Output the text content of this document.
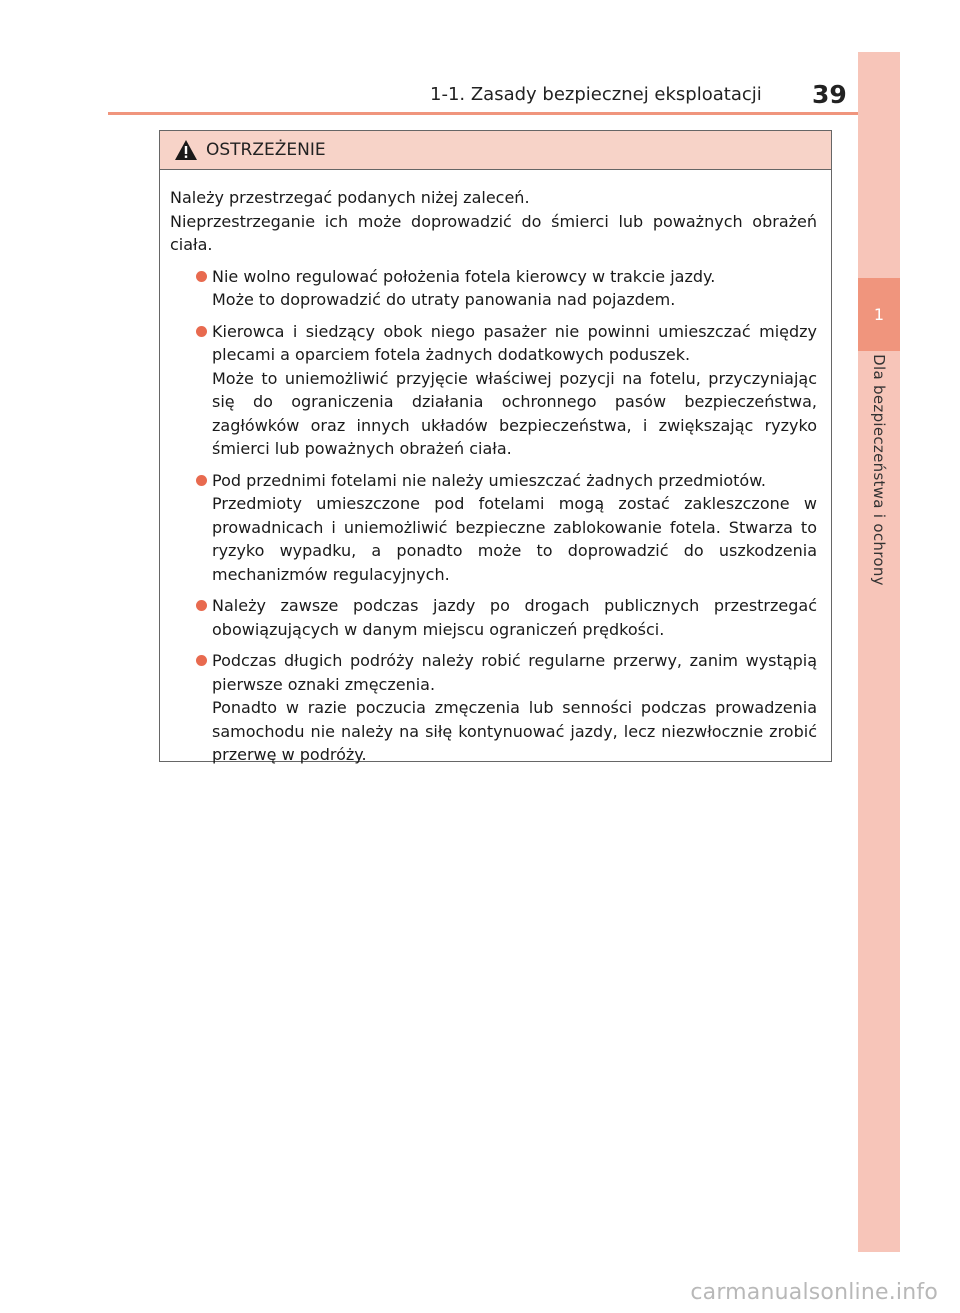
1-1. Zasady bezpiecznej eksploatacji	39
1
Dla bezpieczeństwa i ochrony
OSTRZEŻENIE

Należy przestrzegać podanych niżej zaleceń.
Nieprzestrzeganie ich może doprowadzić do śmierci lub poważnych obrażeń ciała.

Nie wolno regulować położenia fotela kierowcy w trakcie jazdy.

Może to doprowadzić do utraty panowania nad pojazdem.

Kierowca i siedzący obok niego pasażer nie powinni umieszczać między plecami a oparciem fotela żadnych dodatkowych poduszek.

Może to uniemożliwić przyjęcie właściwej pozycji na fotelu, przyczyniając się do ograniczenia działania ochronnego pasów bezpieczeństwa, zagłówków oraz innych układów bezpieczeństwa, i zwiększając ryzyko śmierci lub poważnych obrażeń ciała.

Pod przednimi fotelami nie należy umieszczać żadnych przedmiotów.

Przedmioty umieszczone pod fotelami mogą zostać zakleszczone w prowadnicach i uniemożliwić bezpieczne zablokowanie fotela. Stwarza to ryzyko wypadku, a ponadto może to doprowadzić do uszkodzenia mechanizmów regulacyjnych.

Należy zawsze podczas jazdy po drogach publicznych przestrzegać obowiązujących w danym miejscu ograniczeń prędkości.

Podczas długich podróży należy robić regularne przerwy, zanim wystąpią pierwsze oznaki zmęczenia.

Ponadto w razie poczucia zmęczenia lub senności podczas prowadzenia samochodu nie należy na siłę kontynuować jazdy, lecz niezwłocznie zrobić przerwę w podróży.

carmanualsonline.info
